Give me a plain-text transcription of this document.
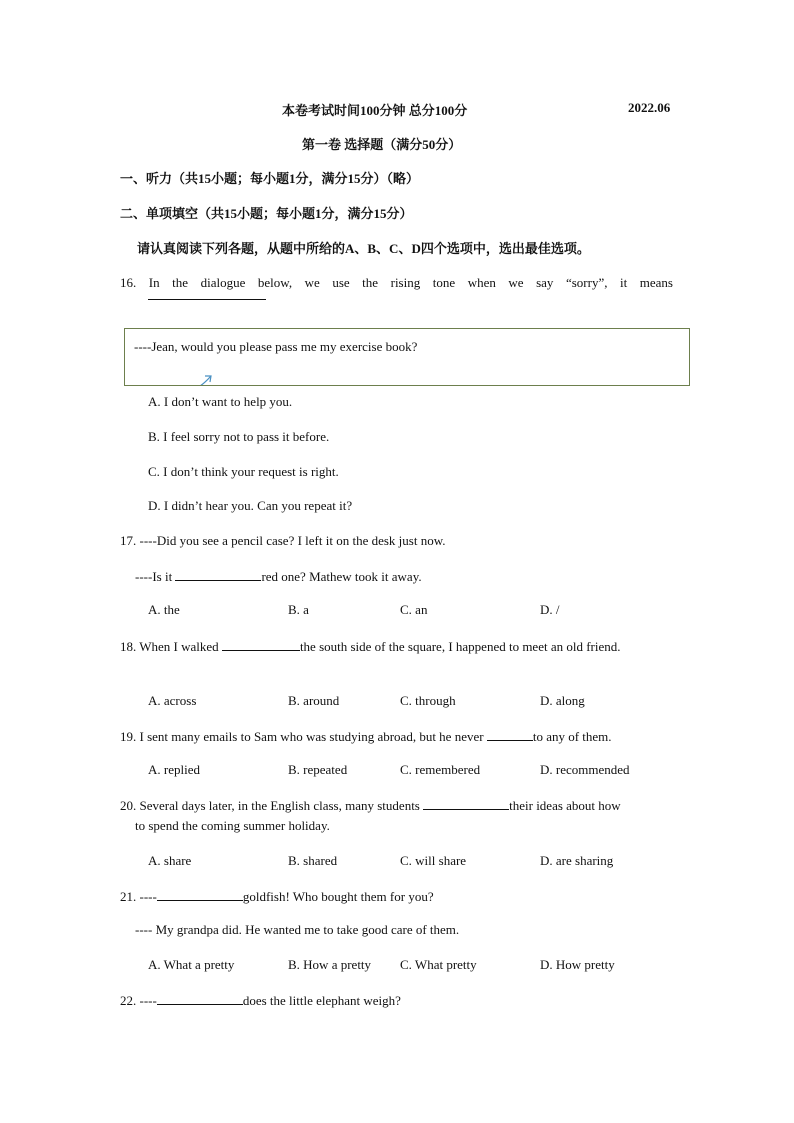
本卷考试时间100分钟 总分100分	2022.06
第一卷 选择题（满分50分）
一、听力（共15小题；每小题1分，满分15分）（略）
二、单项填空（共15小题；每小题1分，满分15分）
请认真阅读下列各题，从题中所给的A、B、C、D四个选项中，选出最佳选项。
16. In the dialogue below, we use the rising tone when we say “sorry”, it means
----Jean, would you please pass me my exercise book?
A. I don’t want to help you.
B. I feel sorry not to pass it before.
C. I don’t think your request is right.
D. I didn’t hear you. Can you repeat it?
17. ----Did you see a pencil case? I left it on the desk just now.
----Is it	red one? Mathew took it away.
A. the	B. a	C. an	D. /
18. When I walked	the south side of the square, I happened to meet an old friend.
A. across	B. around	C. through	D. along
19. I sent many emails to Sam who was studying abroad, but he never	to any of them.
A. replied	B. repeated	C. remembered	D. recommended
20. Several days later, in the English class, many students	their ideas about how
to spend the coming summer holiday.
A. share	B. shared	C. will share	D. are sharing
21. ----	goldfish! Who bought them for you?
---- My grandpa did. He wanted me to take good care of them.
A. What a pretty	B. How a pretty C. What pretty	D. How pretty
22. ----	does the little elephant weigh?
